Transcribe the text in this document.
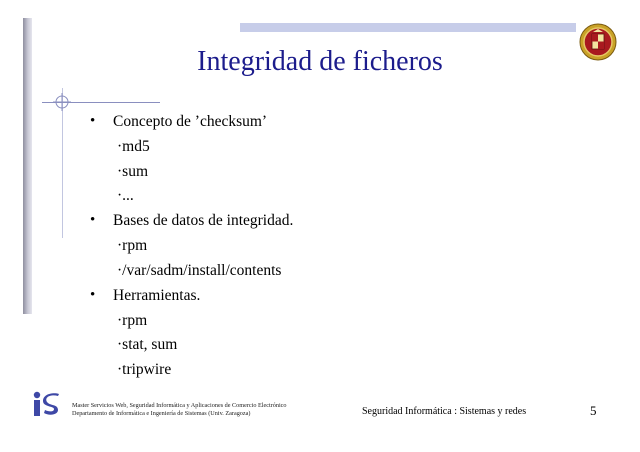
Integridad de ficheros
• Concepto de ’checksum’
·md5
·sum
·...
• Bases de datos de integridad.
·rpm
·/var/sadm/install/contents
• Herramientas.
·rpm
·stat, sum
·tripwire
Master Servicios Web, Seguridad Informática y Aplicaciones de Comercio Electrónico
Departamento de Informática e Ingeniería de Sistemas (Univ. Zaragoza)	Seguridad Informática : Sistemas y redes	5
